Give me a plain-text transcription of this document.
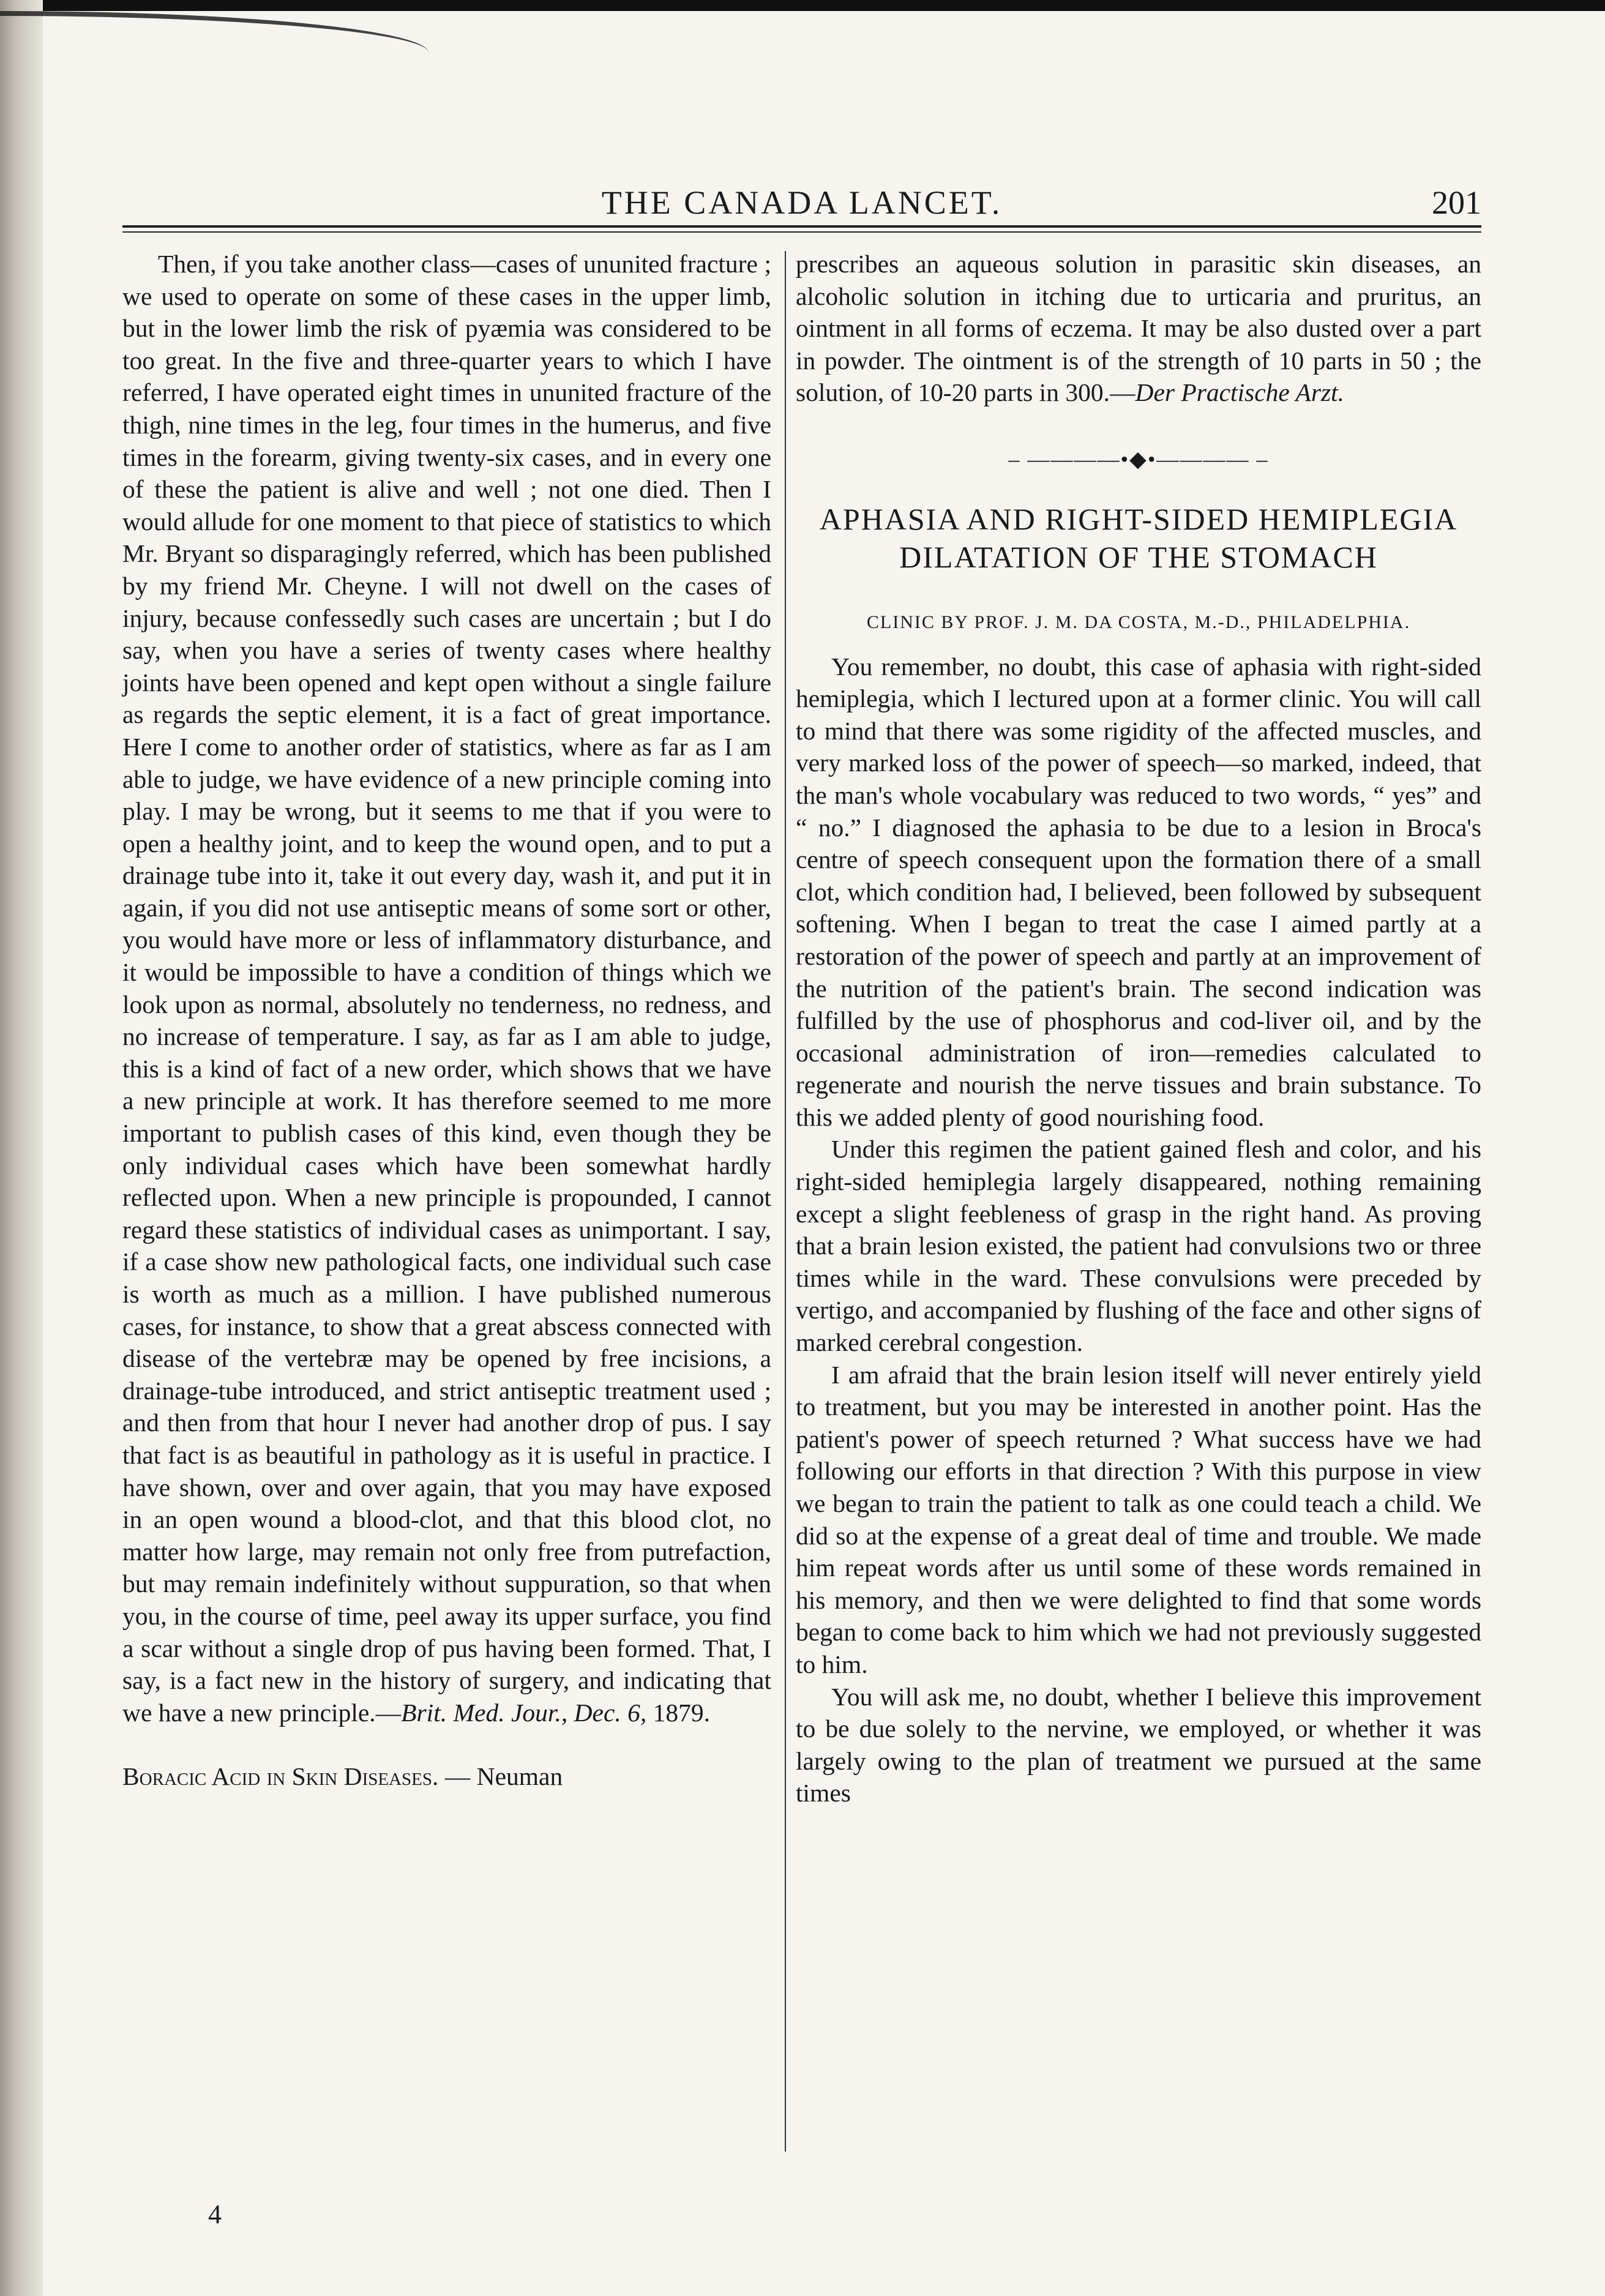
THE CANADA LANCET.	201

Then, if you take another class—cases of ununited fracture ; we used to operate on some of these cases in the upper limb, but in the lower limb the risk of pyæmia was considered to be too great. In the five and three-quarter years to which I have referred, I have operated eight times in ununited fracture of the thigh, nine times in the leg, four times in the humerus, and five times in the forearm, giving twenty-six cases, and in every one of these the patient is alive and well ; not one died. Then I would allude for one moment to that piece of statistics to which Mr. Bryant so disparagingly referred, which has been published by my friend Mr. Cheyne. I will not dwell on the cases of injury, because confessedly such cases are uncertain ; but I do say, when you have a series of twenty cases where healthy joints have been opened and kept open without a single failure as regards the septic element, it is a fact of great importance. Here I come to another order of statistics, where as far as I am able to judge, we have evidence of a new principle coming into play. I may be wrong, but it seems to me that if you were to open a healthy joint, and to keep the wound open, and to put a drainage tube into it, take it out every day, wash it, and put it in again, if you did not use antiseptic means of some sort or other, you would have more or less of inflammatory disturbance, and it would be impossible to have a condition of things which we look upon as normal, absolutely no tenderness, no redness, and no increase of temperature. I say, as far as I am able to judge, this is a kind of fact of a new order, which shows that we have a new principle at work. It has therefore seemed to me more important to publish cases of this kind, even though they be only individual cases which have been somewhat hardly reflected upon. When a new principle is propounded, I cannot regard these statistics of individual cases as unimportant. I say, if a case show new pathological facts, one individual such case is worth as much as a million. I have published numerous cases, for instance, to show that a great abscess connected with disease of the vertebræ may be opened by free incisions, a drainage-tube introduced, and strict antiseptic treatment used ; and then from that hour I never had another drop of pus. I say that fact is as beautiful in pathology as it is useful in practice. I have shown, over and over again, that you may have exposed in an open wound a blood-clot, and that this blood clot, no matter how large, may remain not only free from putrefaction, but may remain indefinitely without suppuration, so that when you, in the course of time, peel away its upper surface, you find a scar without a single drop of pus having been formed. That, I say, is a fact new in the history of surgery, and indicating that we have a new principle.—Brit. Med. Jour., Dec. 6, 1879.

Boracic Acid in Skin Diseases. — Neuman

prescribes an aqueous solution in parasitic skin diseases, an alcoholic solution in itching due to urticaria and pruritus, an ointment in all forms of eczema. It may be also dusted over a part in powder. The ointment is of the strength of 10 parts in 50 ; the solution, of 10-20 parts in 300.—Der Practische Arzt.

– ————•◆•———— –
APHASIA AND RIGHT-SIDED HEMIPLEGIA DILATATION OF THE STOMACH
CLINIC BY PROF. J. M. DA COSTA, M.-D., PHILADELPHIA.

You remember, no doubt, this case of aphasia with right-sided hemiplegia, which I lectured upon at a former clinic. You will call to mind that there was some rigidity of the affected muscles, and very marked loss of the power of speech—so marked, indeed, that the man's whole vocabulary was reduced to two words, “ yes” and “ no.” I diagnosed the aphasia to be due to a lesion in Broca's centre of speech consequent upon the formation there of a small clot, which condition had, I believed, been followed by subsequent softening. When I began to treat the case I aimed partly at a restoration of the power of speech and partly at an improvement of the nutrition of the patient's brain. The second indication was fulfilled by the use of phosphorus and cod-liver oil, and by the occasional administration of iron—remedies calculated to regenerate and nourish the nerve tissues and brain substance. To this we added plenty of good nourishing food.

Under this regimen the patient gained flesh and color, and his right-sided hemiplegia largely disappeared, nothing remaining except a slight feebleness of grasp in the right hand. As proving that a brain lesion existed, the patient had convulsions two or three times while in the ward. These convulsions were preceded by vertigo, and accompanied by flushing of the face and other signs of marked cerebral congestion.

I am afraid that the brain lesion itself will never entirely yield to treatment, but you may be interested in another point. Has the patient's power of speech returned ? What success have we had following our efforts in that direction ? With this purpose in view we began to train the patient to talk as one could teach a child. We did so at the expense of a great deal of time and trouble. We made him repeat words after us until some of these words remained in his memory, and then we were delighted to find that some words began to come back to him which we had not previously suggested to him.

You will ask me, no doubt, whether I believe this improvement to be due solely to the nervine, we employed, or whether it was largely owing to the plan of treatment we pursued at the same times

4
